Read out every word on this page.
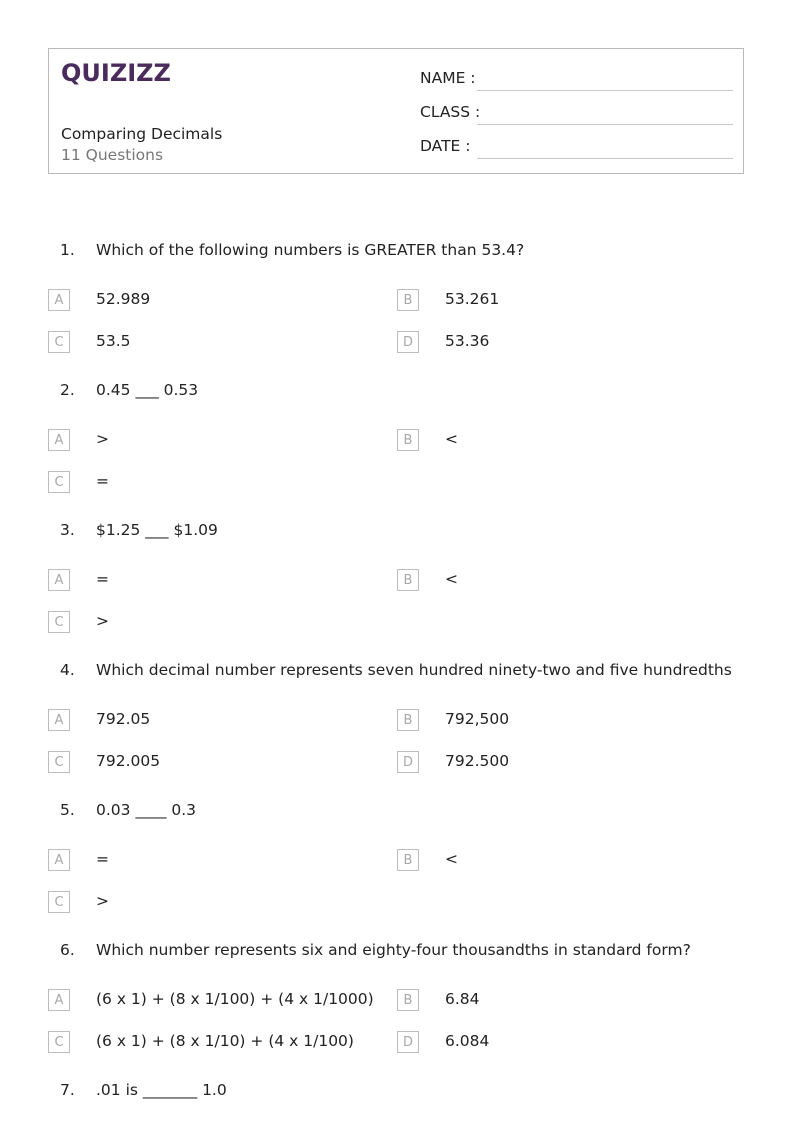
QUIZIZZ
Comparing Decimals
11 Questions
NAME :
CLASS :
DATE :
1. Which of the following numbers is GREATER than 53.4?
A	52.989	B	53.261
C	53.5	D	53.36
2. 0.45 ___ 0.53
A	>	B	<
C	=
3. $1.25 ___ $1.09
A	=	B	<
C	>
4. Which decimal number represents seven hundred ninety-two and five hundredths
A	792.05	B	792,500
C	792.005	D	792.500
5. 0.03 ____ 0.3
A	=	B	<
C	>
6. Which number represents six and eighty-four thousandths in standard form?
A	(6 x 1) + (8 x 1/100) + (4 x 1/1000)	B	6.84
C	(6 x 1) + (8 x 1/10) + (4 x 1/100)	D	6.084
7. .01 is _______ 1.0
